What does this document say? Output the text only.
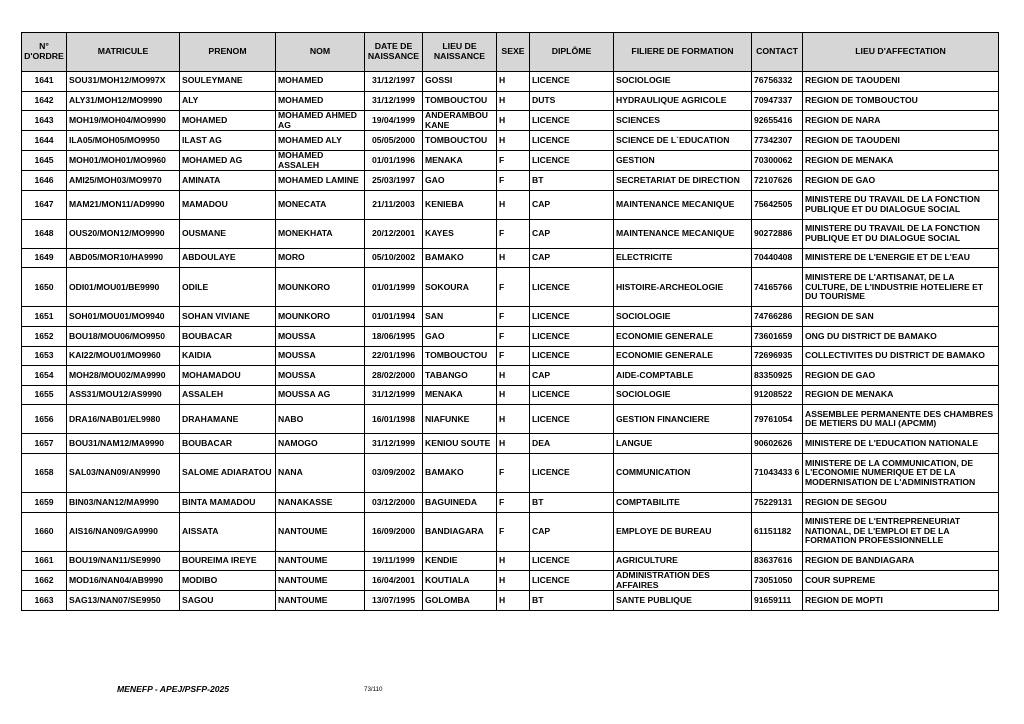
N° D'ORDRE	MATRICULE	PRENOM	NOM	DATE DE NAISSANCE	LIEU DE NAISSANCE	SEXE	DIPLÔME	FILIERE DE FORMATION	CONTACT	LIEU D'AFFECTATION
1641	SOU31/MOH12/MO997X	SOULEYMANE	MOHAMED	31/12/1997	GOSSI	H	LICENCE	SOCIOLOGIE	76756332	REGION DE TAOUDENI
1642	ALY31/MOH12/MO9990	ALY	MOHAMED	31/12/1999	TOMBOUCTOU	H	DUTS	HYDRAULIQUE AGRICOLE	70947337	REGION DE TOMBOUCTOU
1643	MOH19/MOH04/MO9990	MOHAMED	MOHAMED AHMED AG	19/04/1999	ANDERAMBOU KANE	H	LICENCE	SCIENCES	92655416	REGION DE NARA
1644	ILA05/MOH05/MO9950	ILAST AG	MOHAMED ALY	05/05/2000	TOMBOUCTOU	H	LICENCE	SCIENCE DE L`EDUCATION	77342307	REGION DE TAOUDENI
1645	MOH01/MOH01/MO9960	MOHAMED AG	MOHAMED ASSALEH	01/01/1996	MENAKA	F	LICENCE	GESTION	70300062	REGION DE MENAKA
1646	AMI25/MOH03/MO9970	AMINATA	MOHAMED LAMINE	25/03/1997	GAO	F	BT	SECRETARIAT DE DIRECTION	72107626	REGION DE GAO
1647	MAM21/MON11/AD9990	MAMADOU	MONECATA	21/11/2003	KENIEBA	H	CAP	MAINTENANCE MECANIQUE	75642505	MINISTERE DU TRAVAIL DE LA FONCTION PUBLIQUE ET DU DIALOGUE SOCIAL
1648	OUS20/MON12/MO9990	OUSMANE	MONEKHATA	20/12/2001	KAYES	F	CAP	MAINTENANCE MECANIQUE	90272886	MINISTERE DU TRAVAIL DE LA FONCTION PUBLIQUE ET DU DIALOGUE SOCIAL
1649	ABD05/MOR10/HA9990	ABDOULAYE	MORO	05/10/2002	BAMAKO	H	CAP	ELECTRICITE	70440408	MINISTERE DE L'ENERGIE ET DE L'EAU
1650	ODI01/MOU01/BE9990	ODILE	MOUNKORO	01/01/1999	SOKOURA	F	LICENCE	HISTOIRE-ARCHEOLOGIE	74165766	MINISTERE DE L'ARTISANAT, DE LA CULTURE, DE L'INDUSTRIE HOTELIERE ET DU TOURISME
1651	SOH01/MOU01/MO9940	SOHAN VIVIANE	MOUNKORO	01/01/1994	SAN	F	LICENCE	SOCIOLOGIE	74766286	REGION DE SAN
1652	BOU18/MOU06/MO9950	BOUBACAR	MOUSSA	18/06/1995	GAO	F	LICENCE	ECONOMIE GENERALE	73601659	ONG DU DISTRICT DE BAMAKO
1653	KAI22/MOU01/MO9960	KAIDIA	MOUSSA	22/01/1996	TOMBOUCTOU	F	LICENCE	ECONOMIE GENERALE	72696935	COLLECTIVITES DU DISTRICT DE BAMAKO
1654	MOH28/MOU02/MA9990	MOHAMADOU	MOUSSA	28/02/2000	TABANGO	H	CAP	AIDE-COMPTABLE	83350925	REGION DE GAO
1655	ASS31/MOU12/AS9990	ASSALEH	MOUSSA AG	31/12/1999	MENAKA	H	LICENCE	SOCIOLOGIE	91208522	REGION DE MENAKA
1656	DRA16/NAB01/EL9980	DRAHAMANE	NABO	16/01/1998	NIAFUNKE	H	LICENCE	GESTION FINANCIERE	79761054	ASSEMBLEE PERMANENTE DES CHAMBRES DE METIERS DU MALI (APCMM)
1657	BOU31/NAM12/MA9990	BOUBACAR	NAMOGO	31/12/1999	KENIOU SOUTE	H	DEA	LANGUE	90602626	MINISTERE DE L'EDUCATION NATIONALE
1658	SAL03/NAN09/AN9990	SALOME ADIARATOU	NANA	03/09/2002	BAMAKO	F	LICENCE	COMMUNICATION	71043433 6	MINISTERE DE LA COMMUNICATION, DE L'ECONOMIE NUMERIQUE ET DE LA MODERNISATION DE L'ADMINISTRATION
1659	BIN03/NAN12/MA9990	BINTA MAMADOU	NANAKASSE	03/12/2000	BAGUINEDA	F	BT	COMPTABILITE	75229131	REGION DE SEGOU
1660	AIS16/NAN09/GA9990	AISSATA	NANTOUME	16/09/2000	BANDIAGARA	F	CAP	EMPLOYE DE BUREAU	61151182	MINISTERE DE L'ENTREPRENEURIAT NATIONAL, DE L'EMPLOI ET DE LA FORMATION PROFESSIONNELLE
1661	BOU19/NAN11/SE9990	BOUREIMA IREYE	NANTOUME	19/11/1999	KENDIE	H	LICENCE	AGRICULTURE	83637616	REGION DE BANDIAGARA
1662	MOD16/NAN04/AB9990	MODIBO	NANTOUME	16/04/2001	KOUTIALA	H	LICENCE	ADMINISTRATION DES AFFAIRES	73051050	COUR SUPREME
1663	SAG13/NAN07/SE9950	SAGOU	NANTOUME	13/07/1995	GOLOMBA	H	BT	SANTE PUBLIQUE	91659111	REGION DE MOPTI
MENEFP - APEJ/PSFP-2025	73/110
